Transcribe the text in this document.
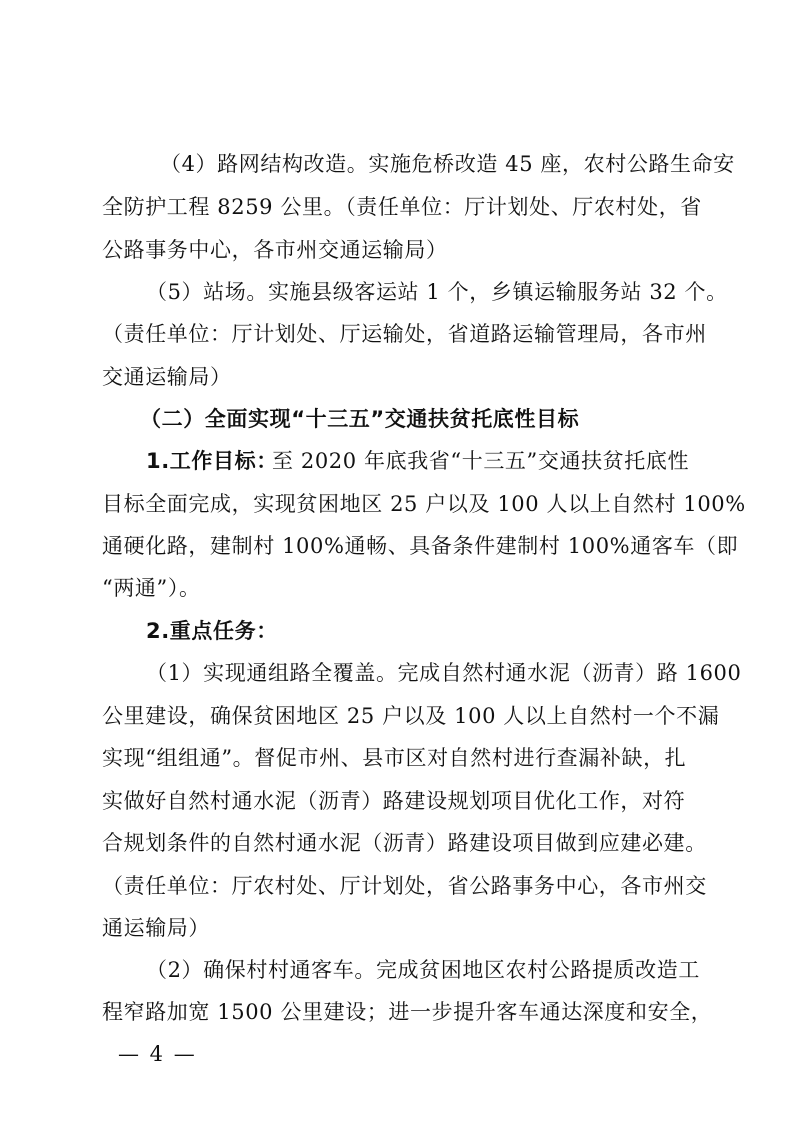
（4）路网结构改造。实施危桥改造 45 座，农村公路生命安
全防护工程 8259 公里。（责任单位：厅计划处、厅农村处，省
公路事务中心，各市州交通运输局）
（5）站场。实施县级客运站 1 个，乡镇运输服务站 32 个。
（责任单位：厅计划处、厅运输处，省道路运输管理局，各市州
交通运输局）
（二）全面实现“十三五”交通扶贫托底性目标
1.工作目标：
至 2020 年底我省“十三五”交通扶贫托底性
目标全面完成，实现贫困地区 25 户以及 100 人以上自然村 100%
通硬化路，建制村 100%通畅、具备条件建制村 100%通客车（即
“两通”）。
2.重点任务：
（1）实现通组路全覆盖。完成自然村通水泥（沥青）路 1600
公里建设，确保贫困地区 25 户以及 100 人以上自然村一个不漏
实现“组组通”。督促市州、县市区对自然村进行查漏补缺，扎
实做好自然村通水泥（沥青）路建设规划项目优化工作，对符
合规划条件的自然村通水泥（沥青）路建设项目做到应建必建。
（责任单位：厅农村处、厅计划处，省公路事务中心，各市州交
通运输局）
（2）确保村村通客车。完成贫困地区农村公路提质改造工
程窄路加宽 1500 公里建设；进一步提升客车通达深度和安全，
— 4 —
